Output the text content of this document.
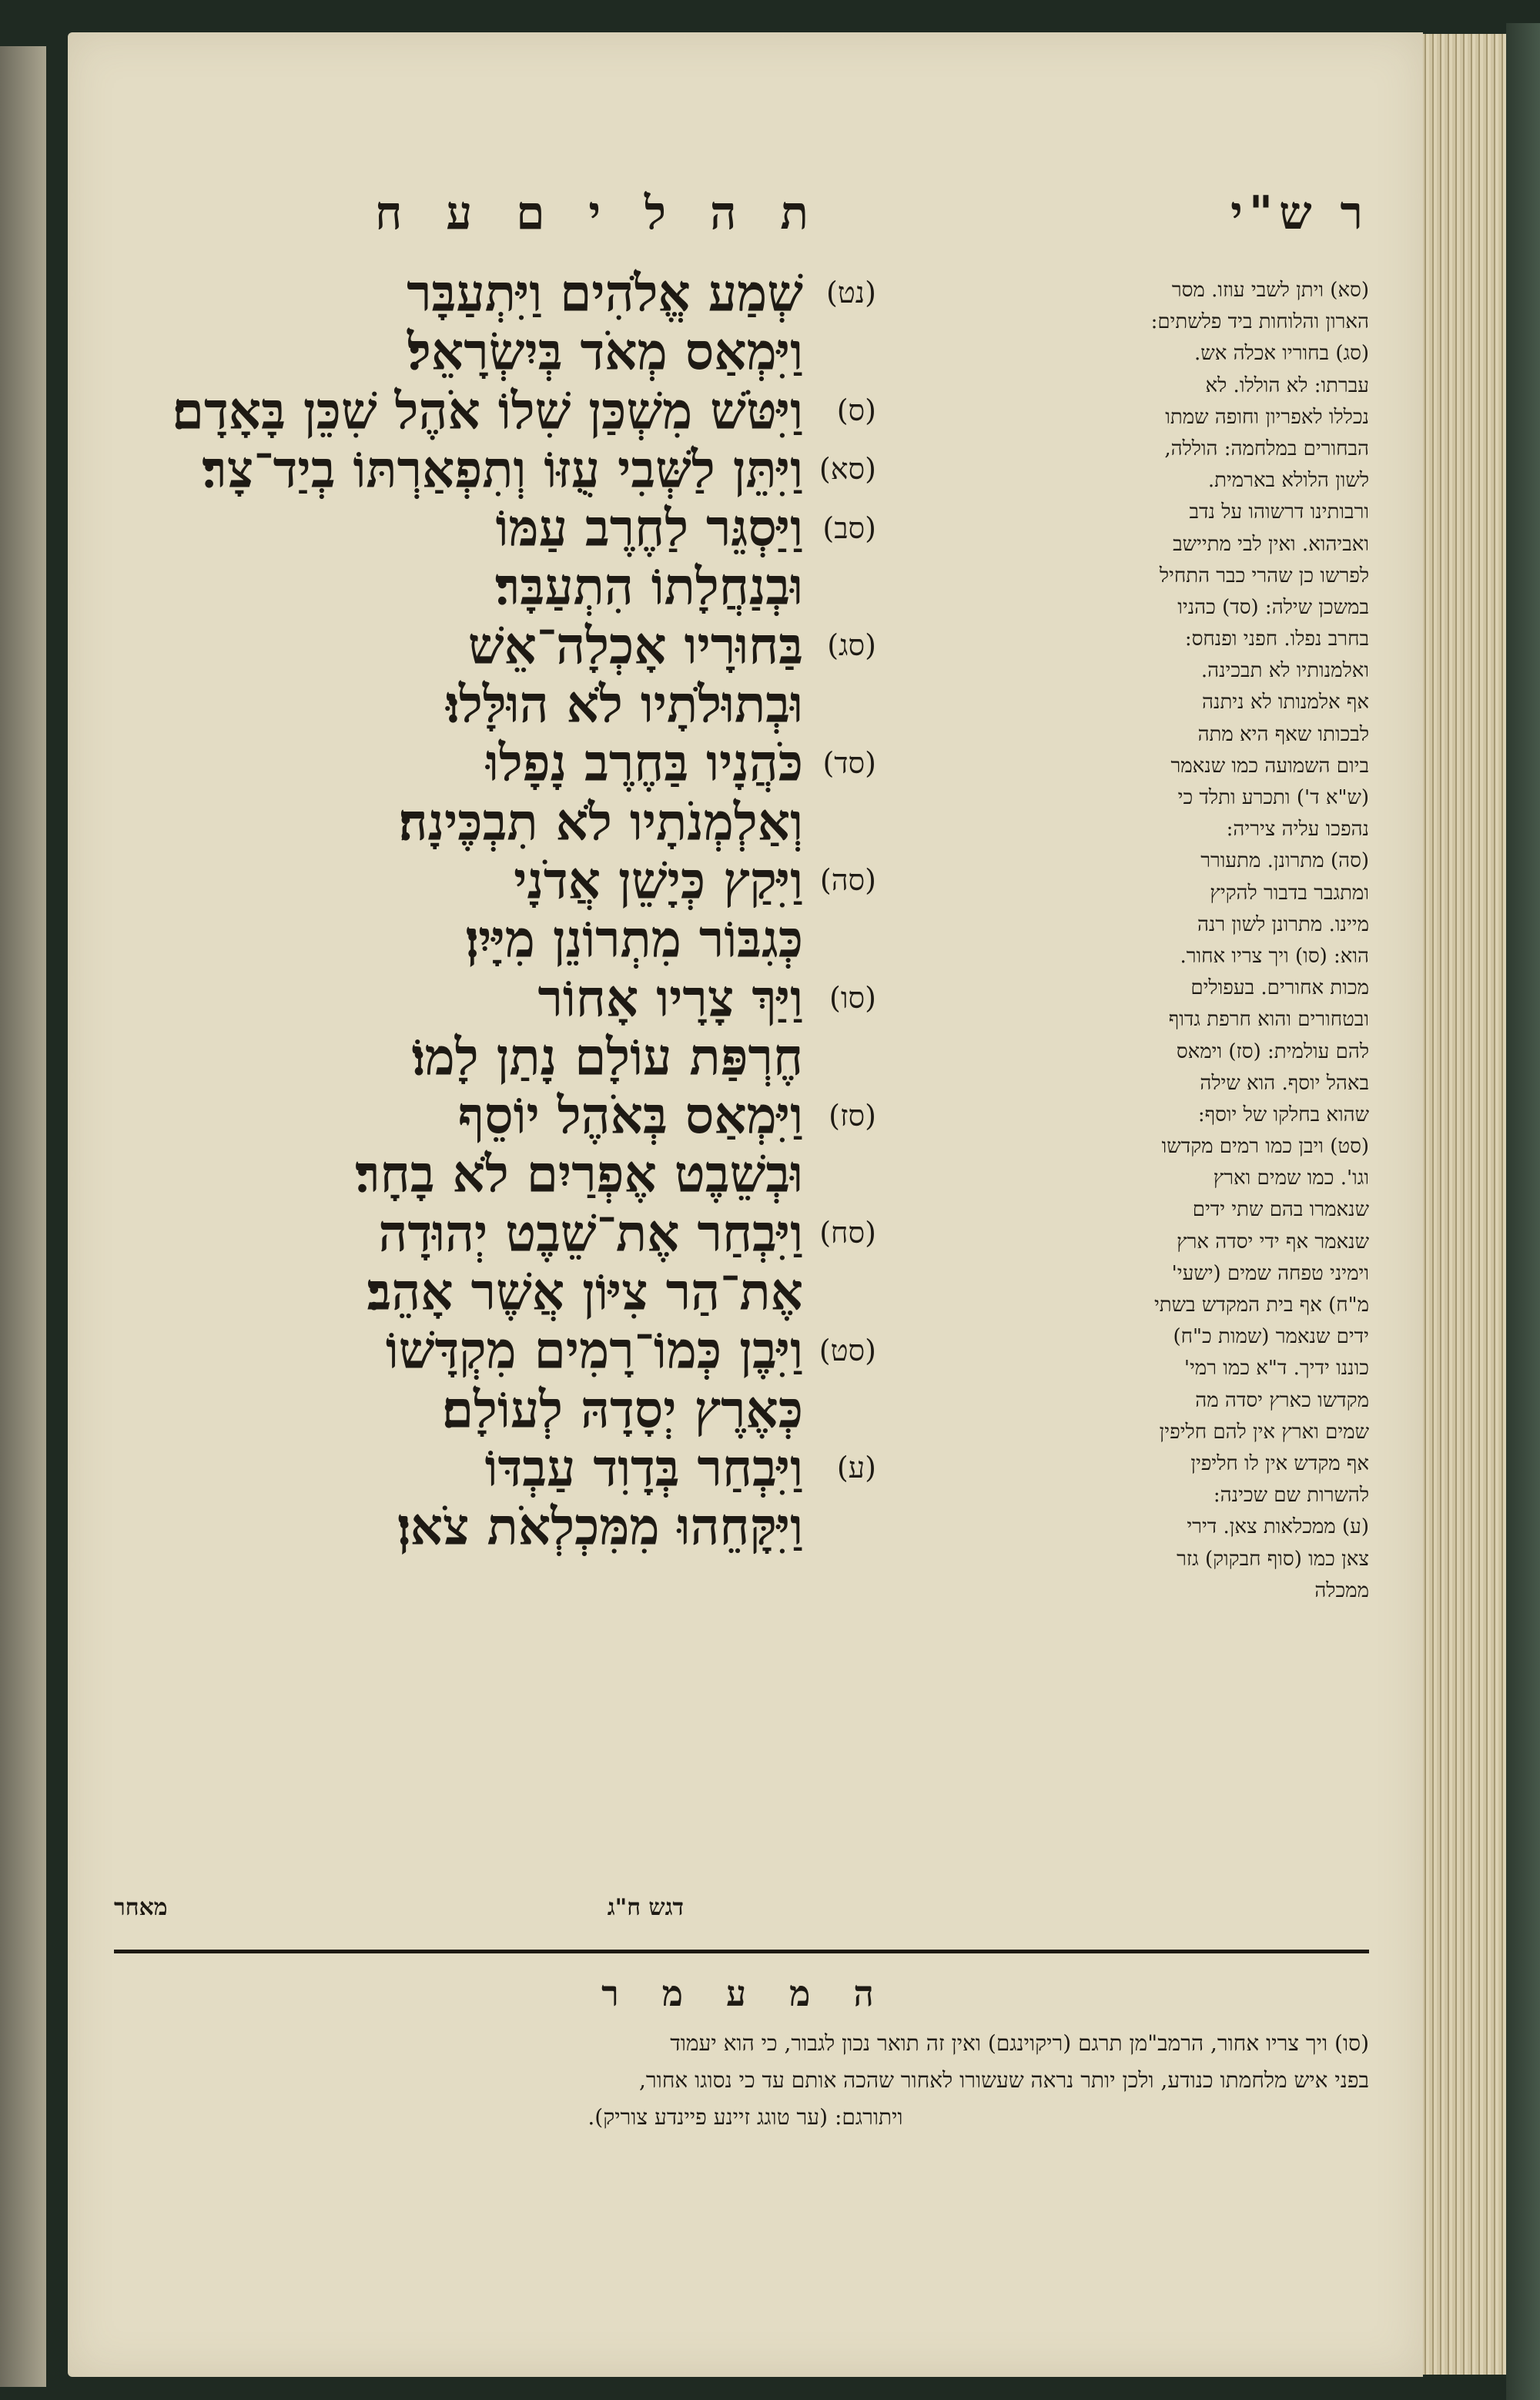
ת ה ל י ם ע ח	ר ש"י
(נט)שְׁמַע אֱלֹהִים וַיִּתְעַבָּר
וַיִּמְאַס מְאֹד בְּיִשְׂרָאֵל׃
(ס)וַיִּטֹּשׁ מִשְׁכַּן שִׁלוֹ אֹהֶל שִׁכֵּן בָּאָדָם׃
(סא)וַיִּתֵּן לַשְּׁבִי עֻזּוֹ וְתִפְאַרְתּוֹ בְיַד־צָר׃
(סב)וַיַּסְגֵּר לַחֶרֶב עַמּוֹ
וּבְנַחֲלָתוֹ הִתְעַבָּר׃
(סג)בַּחוּרָיו אָכְלָה־אֵשׁ
וּבְתוּלֹתָיו לֹא הוּלָּלוּ׃
(סד)כֹּהֲנָיו בַּחֶרֶב נָפָלוּ
וְאַלְמְנֹתָיו לֹא תִבְכֶּינָה׃
(סה)וַיִּקַץ כְּיָשֵׁן אֲדֹנָי
כְּגִבּוֹר מִתְרוֹנֵן מִיָּיִן׃
(סו)וַיַּךְ צָרָיו אָחוֹר
חֶרְפַּת עוֹלָם נָתַן לָמוֹ׃
(סז)וַיִּמְאַס בְּאֹהֶל יוֹסֵף
וּבְשֵׁבֶט אֶפְרַיִם לֹא בָחָר׃
(סח)וַיִּבְחַר אֶת־שֵׁבֶט יְהוּדָה
אֶת־הַר צִיּוֹן אֲשֶׁר אָהֵב׃
(סט)וַיִּבֶן כְּמוֹ־רָמִים מִקְדָּשׁוֹ
כְּאֶרֶץ יְסָדָהּ לְעוֹלָם׃
(ע)וַיִּבְחַר בְּדָוִד עַבְדּוֹ
וַיִּקָּחֵהוּ מִמִּכְלְאֹת צֹאן׃
(סא) ויתן לשבי עוזו. מסר
הארון והלוחות ביד פלשתים:
(סג) בחוריו אכלה אש.
עברתו: לא הוללו. לא
נכללו לאפריון וחופה שמתו
הבחורים במלחמה: הוללה,
לשון הלולא בארמית.
ורבותינו דרשוהו על נדב
ואביהוא. ואין לבי מתיישב
לפרשו כן שהרי כבר התחיל
במשכן שילה: (סד) כהניו
בחרב נפלו. חפני ופנחס:
ואלמנותיו לא תבכינה.
אף אלמנותו לא ניתנה
לבכותו שאף היא מתה
ביום השמועה כמו שנאמר
(ש"א ד') ותכרע ותלד כי
נהפכו עליה ציריה:
(סה) מתרונן. מתעורר
ומתגבר בדבור להקיץ
מיינו. מתרונן לשון רנה
הוא: (סו) ויך צריו אחור.
מכות אחורים. בעפולים
ובטחורים והוא חרפת גדוף
להם עולמית: (סז) וימאס
באהל יוסף. הוא שילה
שהוא בחלקו של יוסף:
(סט) ויבן כמו רמים מקדשו
וגו'. כמו שמים וארץ
שנאמרו בהם שתי ידים
שנאמר אף ידי יסדה ארץ
וימיני טפחה שמים (ישעי'
מ"ח) אף בית המקדש בשתי
ידים שנאמר (שמות כ"ח)
כוננו ידיך. ד"א כמו רמי'
מקדשו כארץ יסדה מה
שמים וארץ אין להם חליפין
אף מקדש אין לו חליפין
להשרות שם שכינה:
(ע) ממכלאות צאן. דירי
צאן כמו (סוף חבקוק) גזר
ממכלה
דגש ח"ג
מאחר
ה מ ע מ ר
(סו) ויך צריו אחור, הרמב"מן תרגם (ריקוינגם) ואין זה תואר נכון לגבור, כי הוא יעמוד
בפני איש מלחמתו כנודע, ולכן יותר נראה שעשורו לאחור שהכה אותם עד כי נסוגו אחור,
ויתורגם: (ער טוגג זיינע פיינדע צוריק).
